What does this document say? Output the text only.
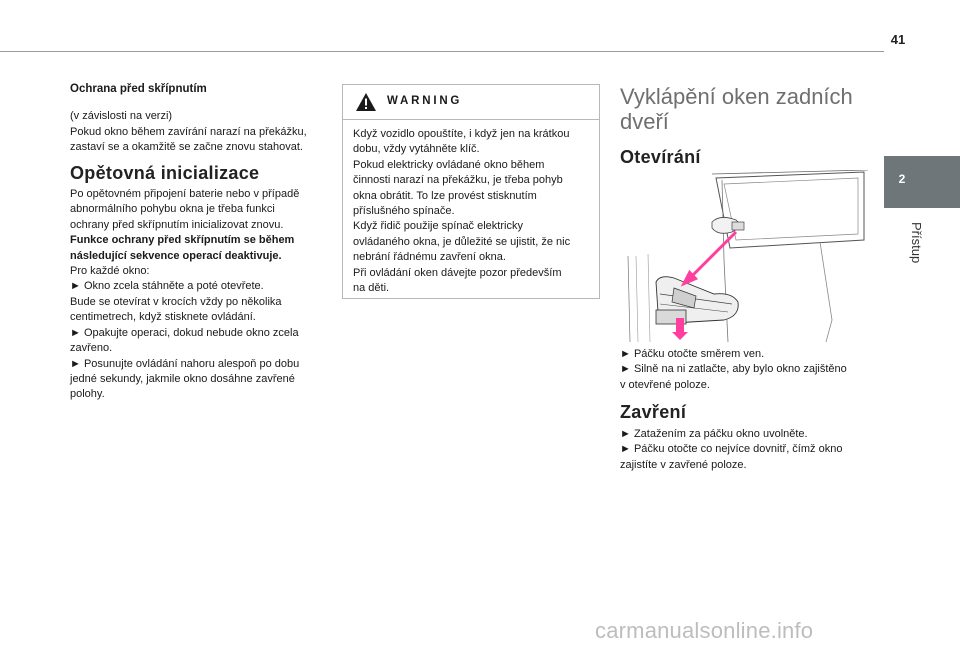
41
2
Přístup
Ochrana před skřípnutím

(v závislosti na verzi)

Pokud okno během zavírání narazí na překážku,

zastaví se a okamžitě se začne znovu stahovat.

Opětovná inicializace

Po opětovném připojení baterie nebo v případě

abnormálního pohybu okna je třeba funkci

ochrany před skřípnutím inicializovat znovu.

Funkce ochrany před skřípnutím se během

následující sekvence operací deaktivuje.

Pro každé okno:

► Okno zcela stáhněte a poté otevřete.

Bude se otevírat v krocích vždy po několika

centimetrech, když stisknete ovládání.

► Opakujte operaci, dokud nebude okno zcela

zavřeno.

► Posunujte ovládání nahoru alespoň po dobu

jedné sekundy, jakmile okno dosáhne zavřené

polohy.

WARNING

Když vozidlo opouštíte, i když jen na krátkou

dobu, vždy vytáhněte klíč.

Pokud elektricky ovládané okno během

činnosti narazí na překážku, je třeba pohyb

okna obrátit. To lze provést stisknutím

příslušného spínače.

Když řidič použije spínač elektricky

ovládaného okna, je důležité se ujistit, že nic

nebrání řádnému zavření okna.

Při ovládání oken dávejte pozor především

na děti.

Vyklápění oken zadních
dveří
Otevírání

► Páčku otočte směrem ven.

► Silně na ni zatlačte, aby bylo okno zajištěno

v otevřené poloze.

Zavření

► Zatažením za páčku okno uvolněte.

► Páčku otočte co nejvíce dovnitř, čímž okno

zajistíte v zavřené poloze.

carmanualsonline.info
